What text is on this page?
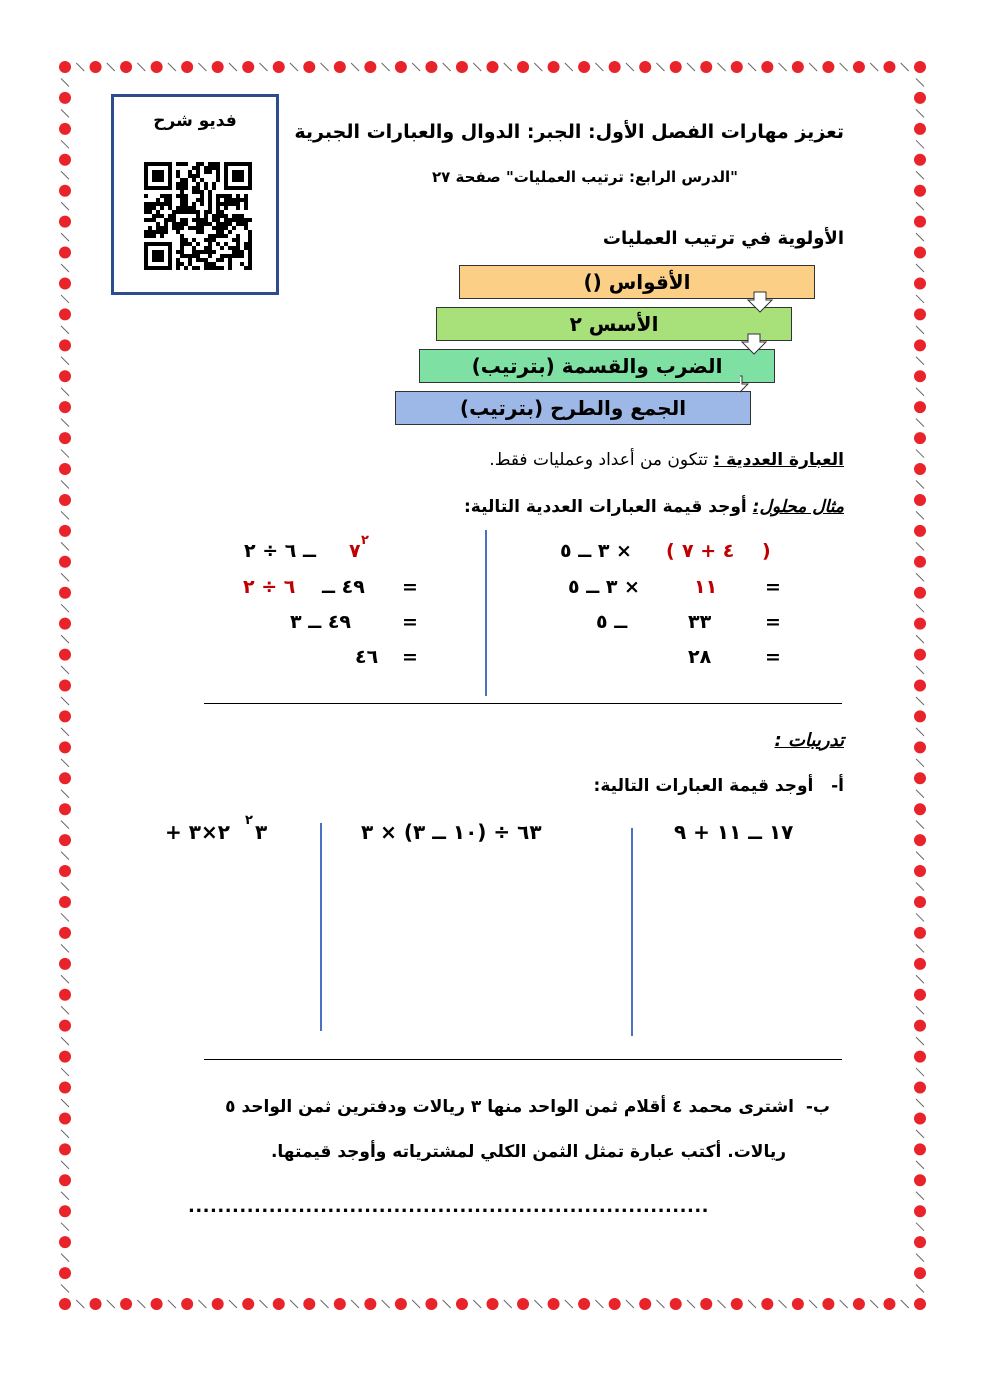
فديو شرح	تعزيز مهارات الفصل الأول: الجبر: الدوال والعبارات الجبرية
"الدرس الرابع: ترتيب العمليات" صفحة ٢٧
الأولوية في ترتيب العمليات
الأقواس ()
الأسس ٢
الضرب والقسمة (بترتيب)
الجمع والطرح (بترتيب)
العبارة العددية : تتكون من أعداد وعمليات فقط.
مثال محلول: أوجد قيمة العبارات العددية التالية:
)
٤ + ٧
(
× ٣ ــ ٥
=
١١
× ٣ ــ ٥
=
٣٣
ــ ٥
=
٢٨
٧ ٢
ــ ٦ ÷ ٢
=
٤٩ ــ
٦ ÷ ٢
=
٤٩ ــ ٣
=
٤٦
تدريبات :
أ-   أوجد قيمة العبارات التالية:
١٧ ــ ١١ + ٩
٦٣ ÷ (١٠ ــ ٣) × ٣
+ ٢×٣ ٣
٢
ب-  اشترى محمد ٤ أقلام ثمن الواحد منها ٣ ريالات ودفترين ثمن الواحد ٥
ريالات. أكتب عبارة تمثل الثمن الكلي لمشترياته وأوجد قيمتها.
.......................................................................
